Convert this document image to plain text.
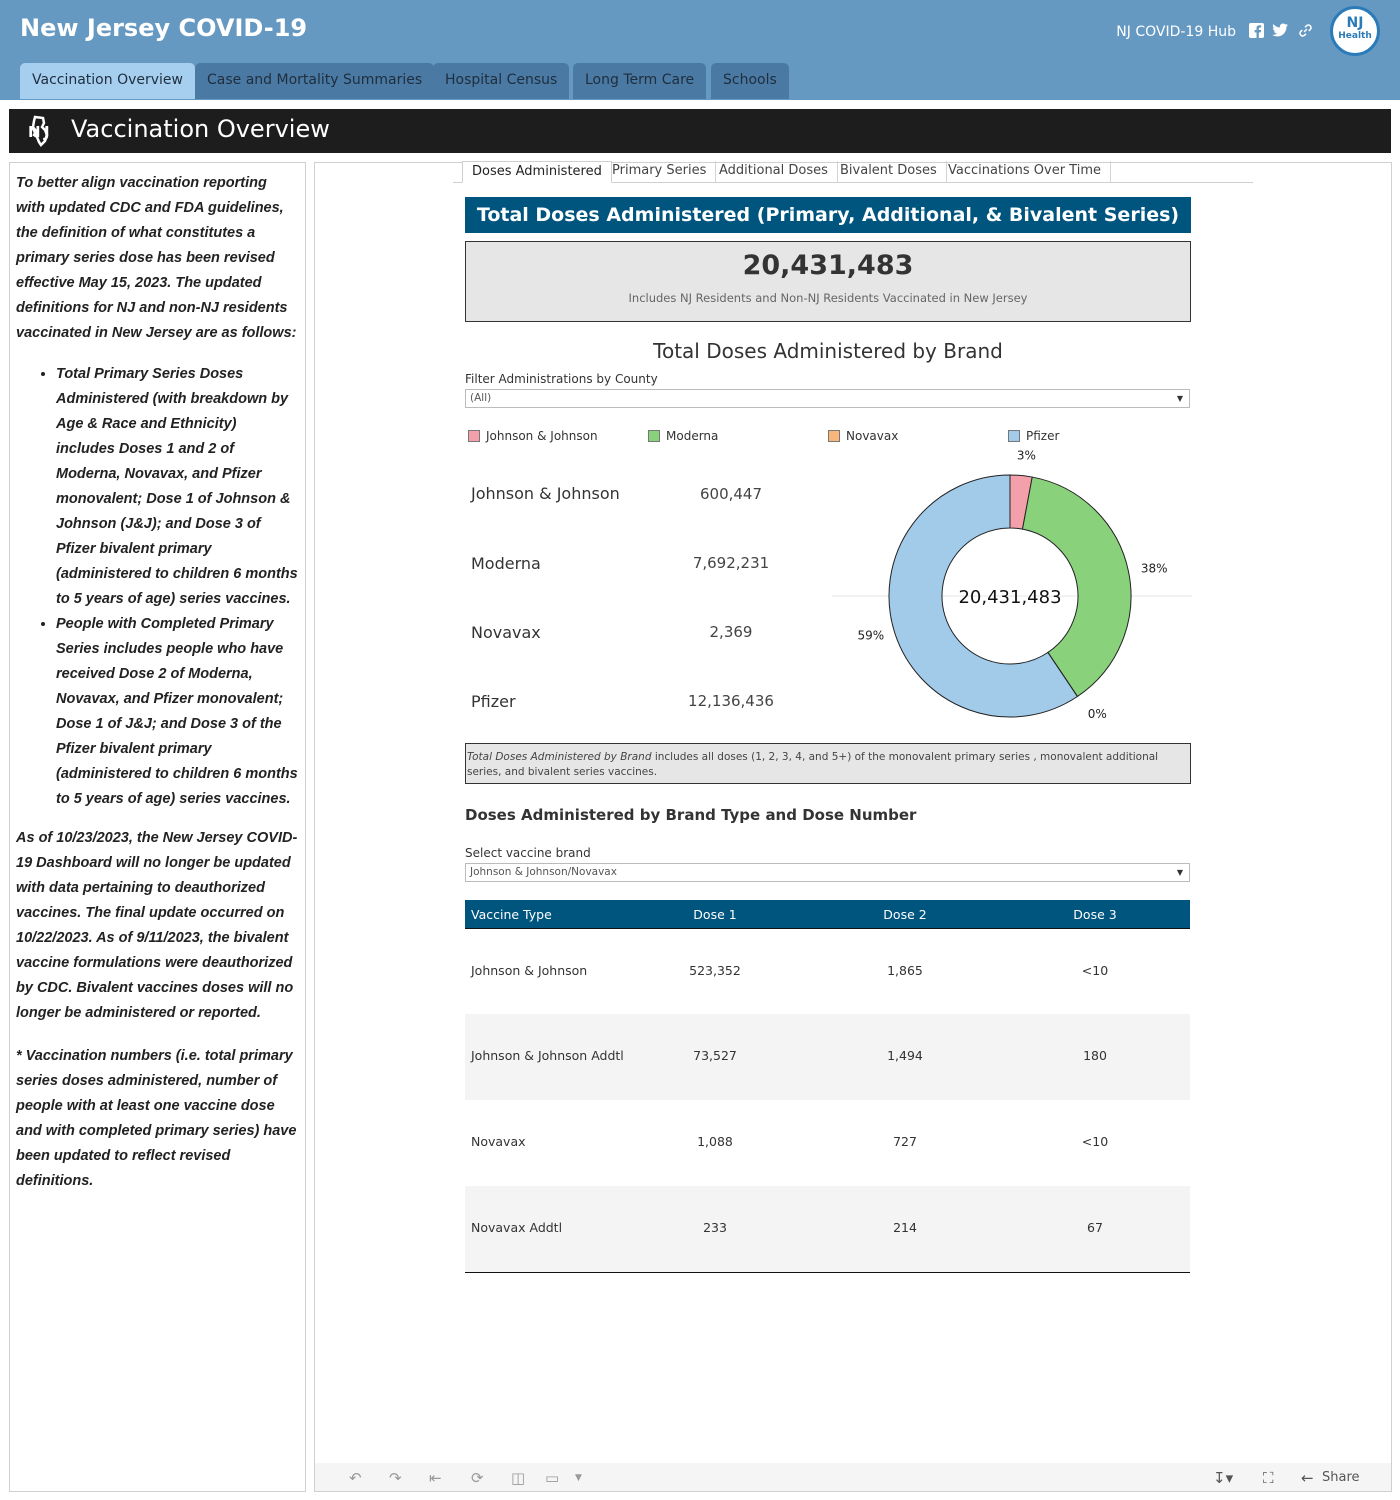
New Jersey COVID-19	NJ COVID-19 Hub
NJ
Health
Vaccination Overview	Case and Mortality Summaries	Hospital Census	Long Term Care	Schools
N J Vaccination Overview

To better align vaccination reporting with updated CDC and FDA guidelines, the definition of what constitutes a primary series dose has been revised effective May 15, 2023. The updated definitions for NJ and non-NJ residents vaccinated in New Jersey are as follows:

• Total Primary Series Doses Administered (with breakdown by Age & Race and Ethnicity) includes Doses 1 and 2 of Moderna, Novavax, and Pfizer monovalent; Dose 1 of Johnson & Johnson (J&J); and Dose 3 of Pfizer bivalent primary (administered to children 6 months to 5 years of age) series vaccines.
• People with Completed Primary Series includes people who have received Dose 2 of Moderna, Novavax, and Pfizer monovalent; Dose 1 of J&J; and Dose 3 of the Pfizer bivalent primary (administered to children 6 months to 5 years of age) series vaccines.

As of 10/23/2023, the New Jersey COVID-19 Dashboard will no longer be updated with data pertaining to deauthorized vaccines. The final update occurred on 10/22/2023. As of 9/11/2023, the bivalent vaccine formulations were deauthorized by CDC. Bivalent vaccines doses will no longer be administered or reported.

* Vaccination numbers (i.e. total primary series doses administered, number of people with at least one vaccine dose and with completed primary series) have been updated to reflect revised definitions.

Doses Administered Primary Series Additional Doses Bivalent Doses Vaccinations Over Time
Total Doses Administered (Primary, Additional, & Bivalent Series)
20,431,483
Includes NJ Residents and Non-NJ Residents Vaccinated in New Jersey
Total Doses Administered by Brand
Filter Administrations by County
(All)	▼
Johnson & Johnson	Moderna	Novavax	Pfizer
Johnson & Johnson	600,447
Moderna	7,692,231
Novavax	2,369
Pfizer	12,136,436
3%
38%
0%
59%
20,431,483
Total Doses Administered by Brand includes all doses (1, 2, 3, 4, and 5+) of the monovalent primary series , monovalent additional series, and bivalent series vaccines.
Doses Administered by Brand Type and Dose Number
Select vaccine brand
Johnson & Johnson/Novavax	▼
Vaccine Type	Dose 1	Dose 2	Dose 3
Johnson & Johnson	523,352	1,865	<10
Johnson & Johnson Addtl	73,527	1,494	180
Novavax	1,088	727	<10
Novavax Addtl	233	214	67
↶ ↷ ⇤ ⟳ ◫ ▭ ▼	↧▾ ⛶ ← Share
